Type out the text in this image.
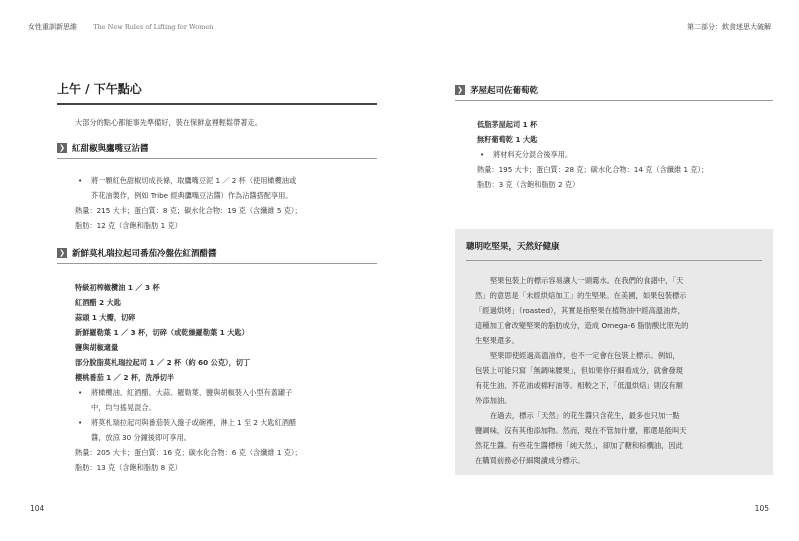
女性重訓新思維 The New Rules of Lifting for Women	第二部分：飲食迷思大破解
上午 / 下午點心
大部分的點心都能事先準備好，裝在保鮮盒裡輕鬆帶著走。
❯ 紅甜椒與鷹嘴豆沾醬
• 將一顆紅色甜椒切成長條，取鷹嘴豆泥 1 ／ 2 杯（使用橄欖油或
芥花油製作，例如 Tribe 經典鷹嘴豆沾醬）作為沾醬搭配享用。
熱量：215 大卡；蛋白質：8 克；碳水化合物：19 克（含纖維 5 克）；
脂肪：12 克（含飽和脂肪 1 克）
❯ 新鮮莫札瑞拉起司番茄冷盤佐紅酒醋醬
特級初榨橄欖油 1 ／ 3 杯
紅酒醋 2 大匙
蒜頭 1 大瓣，切碎
新鮮羅勒葉 1 ／ 3 杯，切碎（或乾燥羅勒葉 1 大匙）
鹽與胡椒適量
部分脫脂莫札瑞拉起司 1 ／ 2 杯（約 60 公克），切丁
櫻桃番茄 1 ／ 2 杯，洗淨切半
• 將橄欖油、紅酒醋、大蒜、羅勒葉、鹽與胡椒裝入小型有蓋罐子
中，均勻搖晃混合。
• 將莫札瑞拉起司與番茄裝入盤子或碗裡，淋上 1 至 2 大匙紅酒醋
醬，放涼 30 分鐘後即可享用。
熱量：205 大卡；蛋白質：16 克；碳水化合物：6 克（含纖維 1 克）；
脂肪：13 克（含飽和脂肪 8 克）
104
❯ 茅屋起司佐葡萄乾
低脂茅屋起司 1 杯
無籽葡萄乾 1 大匙
• 將材料充分混合後享用。
熱量：195 大卡；蛋白質：28 克；碳水化合物：14 克（含纖維 1 克）；
脂肪：3 克（含飽和脂肪 2 克）
聰明吃堅果，天然好健康

堅果包裝上的標示容易讓人一頭霧水。在我們的食譜中，「天

然」的意思是「未經烘焙加工」的生堅果。在美國，如果包裝標示

「經過烘烤」（roasted），其實是指堅果在植物油中經高溫油炸，

這種加工會改變堅果的脂肪成分，造成 Omega-6 脂肪酸比原先的

生堅果還多。

堅果即使經過高溫油炸，也不一定會在包裝上標示。例如，

包裝上可能只寫「無調味腰果」，但如果你仔細看成分，就會發現

有花生油、芥花油或棉籽油等。相較之下，「低溫烘焙」則沒有額

外添加油。

在過去，標示「天然」的花生醬只含花生，最多也只加一點

鹽調味，沒有其他添加物。然而，現在不管加什麼，都還是能叫天

然花生醬。有些花生醬標榜「純天然」，卻加了糖和棕櫚油，因此

在購買前務必仔細閱讀成分標示。

105
